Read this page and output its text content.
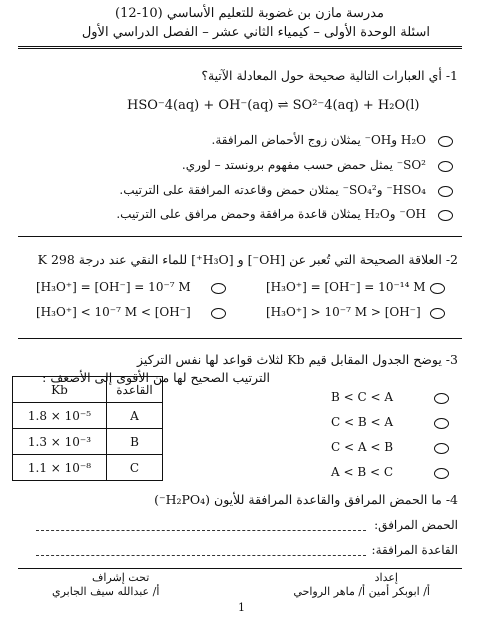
مدرسة مازن بن غضوبة للتعليم الأساسي (10-12)
اسئلة الوحدة الأولى – كيمياء الثاني عشر – الفصل الدراسي الأول
1- أي العبارات التالية صحيحة حول المعادلة الآتية؟
HSO⁻4(aq) + OH⁻(aq) ⇌ SO²⁻4(aq) + H₂O(l)
H₂O وOH⁻ يمثلان زوج الأحماض المرافقة.
SO²⁻ يمثل حمض حسب مفهوم برونستد – لوري.
HSO₄⁻ وSO₄²⁻ يمثلان حمض وقاعدته المرافقة على الترتيب.
OH⁻ وH₂O يمثلان قاعدة مرافقة وحمض مرافق على الترتيب.
2- العلاقة الصحيحة التي تُعبر عن [OH⁻] و [H₃O⁺] للماء النقي عند درجة 298 K
[H₃O⁺] = [OH⁻] = 10⁻⁷ M	[H₃O⁺] = [OH⁻] = 10⁻¹⁴ M
[H₃O⁺] < 10⁻⁷ M < [OH⁻]	[H₃O⁺] > 10⁻⁷ M > [OH⁻]
3- يوضح الجدول المقابل قيم Kb لثلاث قواعد لها نفس التركيز
الترتيب الصحيح لها من الأقوى إلى الأضعف :
Kb	القاعدة
1.8 × 10⁻⁵	A
1.3 × 10⁻³	B
1.1 × 10⁻⁸	C
B < C < A
C < B < A
C < A < B
A < B < C
4- ما الحمض المرافق والقاعدة المرافقة للأيون (H₂PO₄⁻)
الحمض المرافق:
القاعدة المرافقة:
إعداد
أ/ ابوبكر أمين أ/ ماهر الرواحي
تحت إشراف
أ/ عبدالله سيف الجابري
1
